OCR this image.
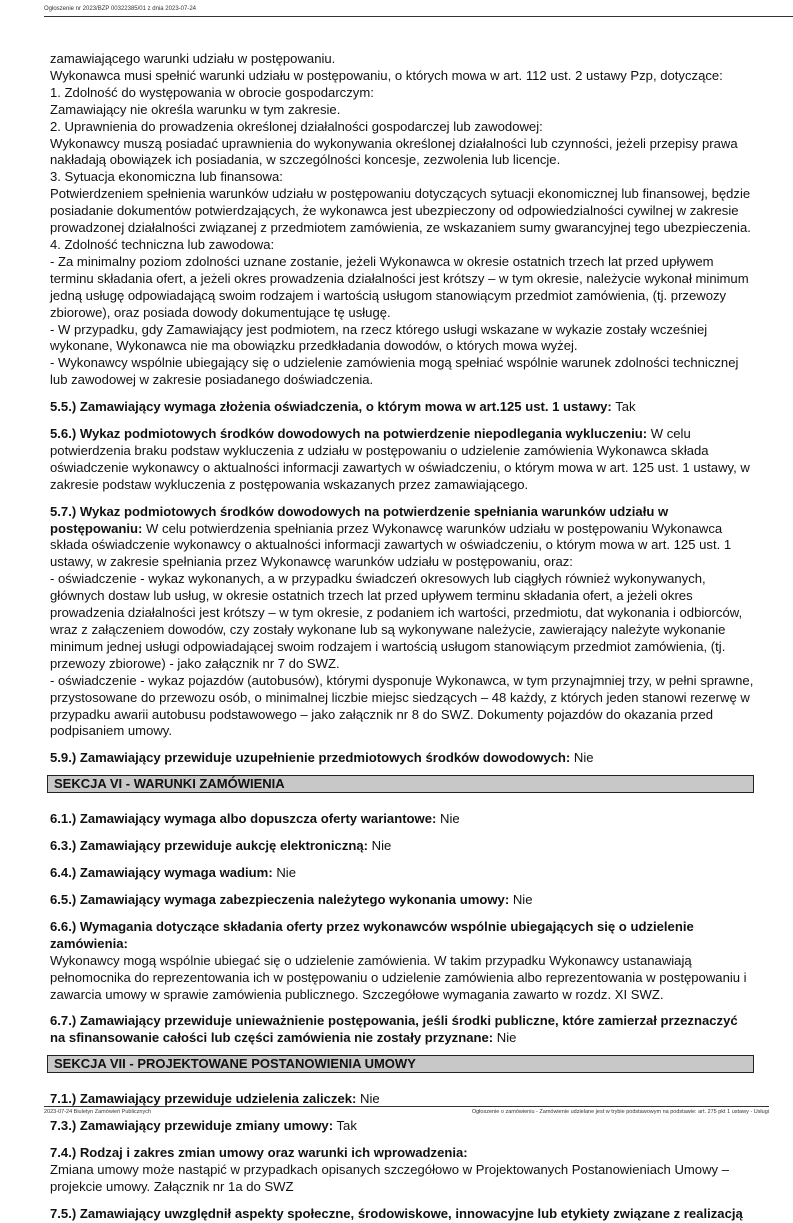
Ogłoszenie nr 2023/BZP 00322385/01 z dnia 2023-07-24

zamawiającego warunki udziału w postępowaniu.

Wykonawca musi spełnić warunki udziału w postępowaniu, o których mowa w art. 112 ust. 2 ustawy Pzp, dotyczące:

1. Zdolność do występowania w obrocie gospodarczym:

Zamawiający nie określa warunku w tym zakresie.

2. Uprawnienia do prowadzenia określonej działalności gospodarczej lub zawodowej:

Wykonawcy muszą posiadać uprawnienia do wykonywania określonej działalności lub czynności, jeżeli przepisy prawa nakładają obowiązek ich posiadania, w szczególności koncesje, zezwolenia lub licencje.

3. Sytuacja ekonomiczna lub finansowa:

Potwierdzeniem spełnienia warunków udziału w postępowaniu dotyczących sytuacji ekonomicznej lub finansowej, będzie posiadanie dokumentów potwierdzających, że wykonawca jest ubezpieczony od odpowiedzialności cywilnej w zakresie prowadzonej działalności związanej z przedmiotem zamówienia, ze wskazaniem sumy gwarancyjnej tego ubezpieczenia.

4. Zdolność techniczna lub zawodowa:

- Za minimalny poziom zdolności uznane zostanie, jeżeli Wykonawca w okresie ostatnich trzech lat przed upływem terminu składania ofert, a jeżeli okres prowadzenia działalności jest krótszy – w tym okresie, należycie wykonał minimum jedną usługę odpowiadającą swoim rodzajem i wartością usługom stanowiącym przedmiot zamówienia, (tj. przewozy zbiorowe), oraz posiada dowody dokumentujące tę usługę.

- W przypadku, gdy Zamawiający jest podmiotem, na rzecz którego usługi wskazane w wykazie zostały wcześniej wykonane, Wykonawca nie ma obowiązku przedkładania dowodów, o których mowa wyżej.

- Wykonawcy wspólnie ubiegający się o udzielenie zamówienia mogą spełniać wspólnie warunek zdolności technicznej lub zawodowej w zakresie posiadanego doświadczenia.

5.5.) Zamawiający wymaga złożenia oświadczenia, o którym mowa w art.125 ust. 1 ustawy: Tak

5.6.) Wykaz podmiotowych środków dowodowych na potwierdzenie niepodlegania wykluczeniu: W celu potwierdzenia braku podstaw wykluczenia z udziału w postępowaniu o udzielenie zamówienia Wykonawca składa oświadczenie wykonawcy o aktualności informacji zawartych w oświadczeniu, o którym mowa w art. 125 ust. 1 ustawy, w zakresie podstaw wykluczenia z postępowania wskazanych przez zamawiającego.

5.7.) Wykaz podmiotowych środków dowodowych na potwierdzenie spełniania warunków udziału w postępowaniu: W celu potwierdzenia spełniania przez Wykonawcę warunków udziału w postępowaniu Wykonawca składa oświadczenie wykonawcy o aktualności informacji zawartych w oświadczeniu, o którym mowa w art. 125 ust. 1 ustawy, w zakresie spełniania przez Wykonawcę warunków udziału w postępowaniu, oraz:

- oświadczenie - wykaz wykonanych, a w przypadku świadczeń okresowych lub ciągłych również wykonywanych, głównych dostaw lub usług, w okresie ostatnich trzech lat przed upływem terminu składania ofert, a jeżeli okres prowadzenia działalności jest krótszy – w tym okresie, z podaniem ich wartości, przedmiotu, dat wykonania i odbiorców, wraz z załączeniem dowodów, czy zostały wykonane lub są wykonywane należycie, zawierający należyte wykonanie minimum jednej usługi odpowiadającej swoim rodzajem i wartością usługom stanowiącym przedmiot zamówienia, (tj. przewozy zbiorowe) - jako załącznik nr 7 do SWZ.

- oświadczenie - wykaz pojazdów (autobusów), którymi dysponuje Wykonawca, w tym przynajmniej trzy, w pełni sprawne, przystosowane do przewozu osób, o minimalnej liczbie miejsc siedzących – 48 każdy, z których jeden stanowi rezerwę w przypadku awarii autobusu podstawowego – jako załącznik nr 8 do SWZ. Dokumenty pojazdów do okazania przed podpisaniem umowy.

5.9.) Zamawiający przewiduje uzupełnienie przedmiotowych środków dowodowych: Nie

SEKCJA VI - WARUNKI ZAMÓWIENIA

6.1.) Zamawiający wymaga albo dopuszcza oferty wariantowe: Nie

6.3.) Zamawiający przewiduje aukcję elektroniczną: Nie

6.4.) Zamawiający wymaga wadium: Nie

6.5.) Zamawiający wymaga zabezpieczenia należytego wykonania umowy: Nie

6.6.) Wymagania dotyczące składania oferty przez wykonawców wspólnie ubiegających się o udzielenie zamówienia:
Wykonawcy mogą wspólnie ubiegać się o udzielenie zamówienia. W takim przypadku Wykonawcy ustanawiają pełnomocnika do reprezentowania ich w postępowaniu o udzielenie zamówienia albo reprezentowania w postępowaniu i zawarcia umowy w sprawie zamówienia publicznego. Szczegółowe wymagania zawarto w rozdz. XI SWZ.

6.7.) Zamawiający przewiduje unieważnienie postępowania, jeśli środki publiczne, które zamierzał przeznaczyć na sfinansowanie całości lub części zamówienia nie zostały przyznane: Nie

SEKCJA VII - PROJEKTOWANE POSTANOWIENIA UMOWY

7.1.) Zamawiający przewiduje udzielenia zaliczek: Nie

7.3.) Zamawiający przewiduje zmiany umowy: Tak

7.4.) Rodzaj i zakres zmian umowy oraz warunki ich wprowadzenia:
Zmiana umowy może nastąpić w przypadkach opisanych szczegółowo w Projektowanych Postanowieniach Umowy – projekcie umowy. Załącznik nr 1a do SWZ

7.5.) Zamawiający uwzględnił aspekty społeczne, środowiskowe, innowacyjne lub etykiety związane z realizacją

2023-07-24 Biuletyn Zamówień Publicznych	Ogłoszenie o zamówieniu - Zamówienie udzielane jest w trybie podstawowym na podstawie: art. 275 pkt 1 ustawy - Usługi
